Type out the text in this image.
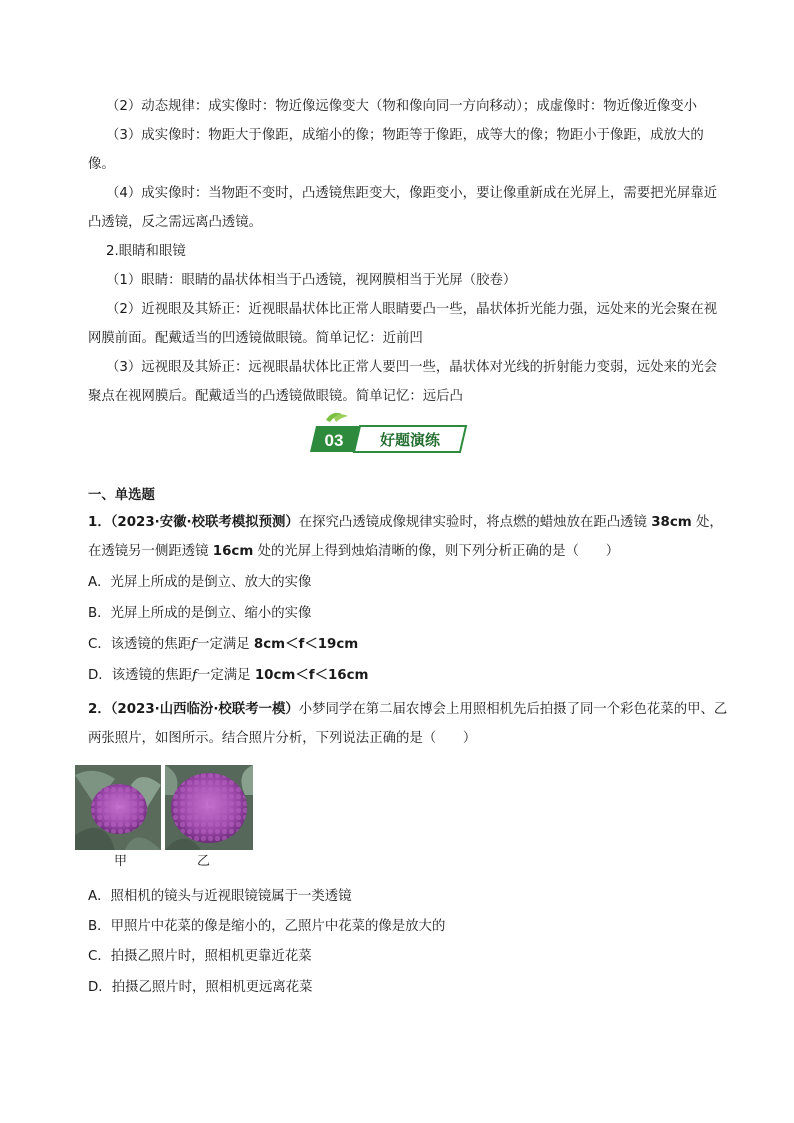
（2）动态规律：成实像时：物近像远像变大（物和像向同一方向移动）；成虚像时：物近像近像变小

（3）成实像时：物距大于像距，成缩小的像；物距等于像距，成等大的像；物距小于像距，成放大的像。

（4）成实像时：当物距不变时，凸透镜焦距变大，像距变小，要让像重新成在光屏上，需要把光屏靠近凸透镜，反之需远离凸透镜。

2.眼睛和眼镜

（1）眼睛：眼睛的晶状体相当于凸透镜，视网膜相当于光屏（胶卷）

（2）近视眼及其矫正：近视眼晶状体比正常人眼睛要凸一些，晶状体折光能力强，远处来的光会聚在视网膜前面。配戴适当的凹透镜做眼镜。简单记忆：近前凹

（3）远视眼及其矫正：远视眼晶状体比正常人要凹一些，晶状体对光线的折射能力变弱，远处来的光会聚点在视网膜后。配戴适当的凸透镜做眼镜。简单记忆：远后凸

03 好题演练
一、单选题

1．（2023·安徽·校联考模拟预测）在探究凸透镜成像规律实验时，将点燃的蜡烛放在距凸透镜 38cm 处，在透镜另一侧距透镜 16cm 处的光屏上得到烛焰清晰的像，则下列分析正确的是（　　）

A．光屏上所成的是倒立、放大的实像
B．光屏上所成的是倒立、缩小的实像
C．该透镜的焦距f一定满足 8cm＜f＜19cm
D．该透镜的焦距f一定满足 10cm＜f＜16cm

2．（2023·山西临汾·校联考一模）小梦同学在第二届农博会上用照相机先后拍摄了同一个彩色花菜的甲、乙两张照片，如图所示。结合照片分析，下列说法正确的是（　　）

甲	乙
A．照相机的镜头与近视眼镜镜属于一类透镜
B．甲照片中花菜的像是缩小的，乙照片中花菜的像是放大的
C．拍摄乙照片时，照相机更靠近花菜
D．拍摄乙照片时，照相机更远离花菜
